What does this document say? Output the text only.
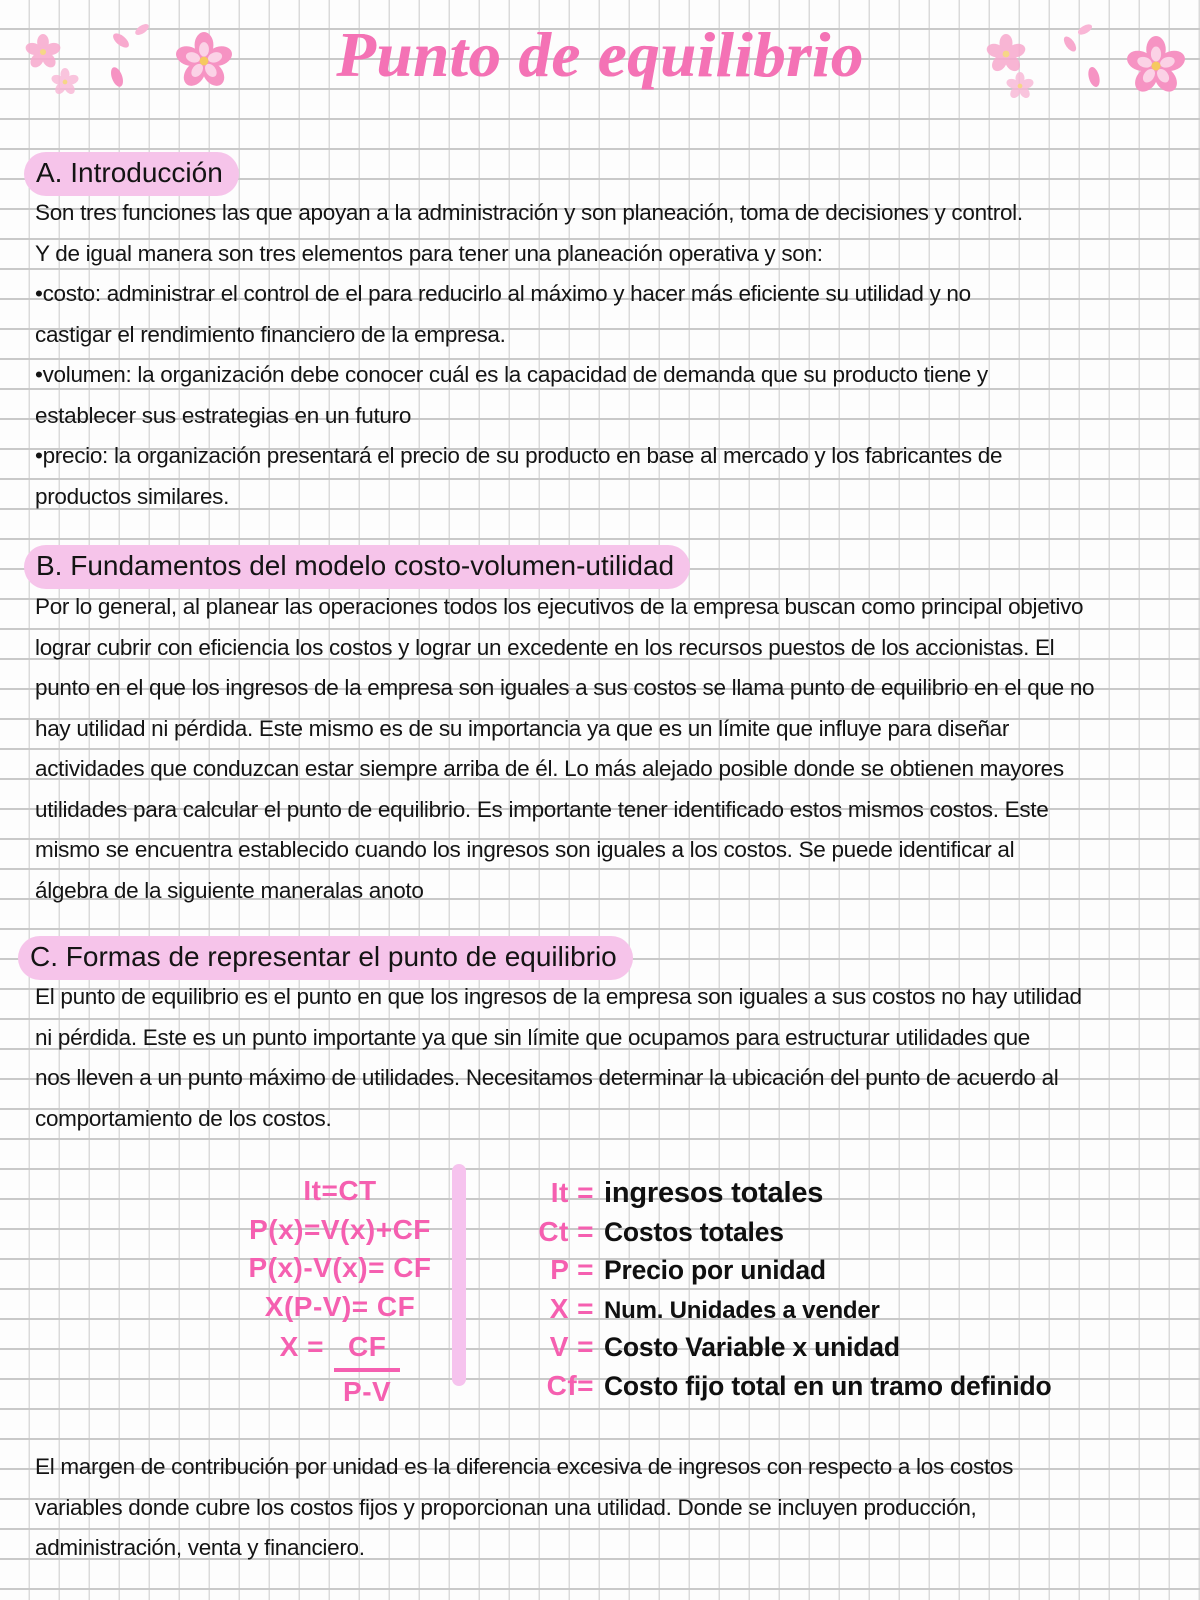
Punto de equilibrio
A. Introducción
Son tres funciones las que apoyan a la administración y son planeación, toma de decisiones y control.
Y de igual manera son tres elementos para tener una planeación operativa y son:
•costo: administrar el control de el para reducirlo al máximo y hacer más eficiente su utilidad y no
castigar el rendimiento financiero de la empresa.
•volumen: la organización debe conocer cuál es la capacidad de demanda que su producto tiene y
establecer sus estrategias en un futuro
•precio: la organización presentará el precio de su producto en base al mercado y los fabricantes de
productos similares.
B. Fundamentos del modelo costo-volumen-utilidad
Por lo general, al planear las operaciones todos los ejecutivos de la empresa buscan como principal objetivo
lograr cubrir con eficiencia los costos y lograr un excedente en los recursos puestos de los accionistas. El
punto en el que los ingresos de la empresa son iguales a sus costos se llama punto de equilibrio en el que no
hay utilidad ni pérdida. Este mismo es de su importancia ya que es un límite que influye para diseñar
actividades que conduzcan estar siempre arriba de él. Lo más alejado posible donde se obtienen mayores
utilidades para calcular el punto de equilibrio. Es importante tener identificado estos mismos costos. Este
mismo se encuentra establecido cuando los ingresos son iguales a los costos. Se puede identificar al
álgebra de la siguiente maneralas anoto
C. Formas de representar el punto de equilibrio
El punto de equilibrio es el punto en que los ingresos de la empresa son iguales a sus costos no hay utilidad
ni pérdida. Este es un punto importante ya que sin límite que ocupamos para estructurar utilidades que
nos lleven a un punto máximo de utilidades. Necesitamos determinar la ubicación del punto de acuerdo al
comportamiento de los costos.
It=CT
P(x)=V(x)+CF
P(x)-V(x)= CF
X(P-V)= CF
$X = \frac{CF}{P-V}$
It = ingresos totales
Ct = Costos totales
P = Precio por unidad
X = Num. Unidades a vender
V = Costo Variable x unidad
Cf= Costo fijo total en un tramo definido
El margen de contribución por unidad es la diferencia excesiva de ingresos con respecto a los costos
variables donde cubre los costos fijos y proporcionan una utilidad. Donde se incluyen producción,
administración, venta y financiero.
